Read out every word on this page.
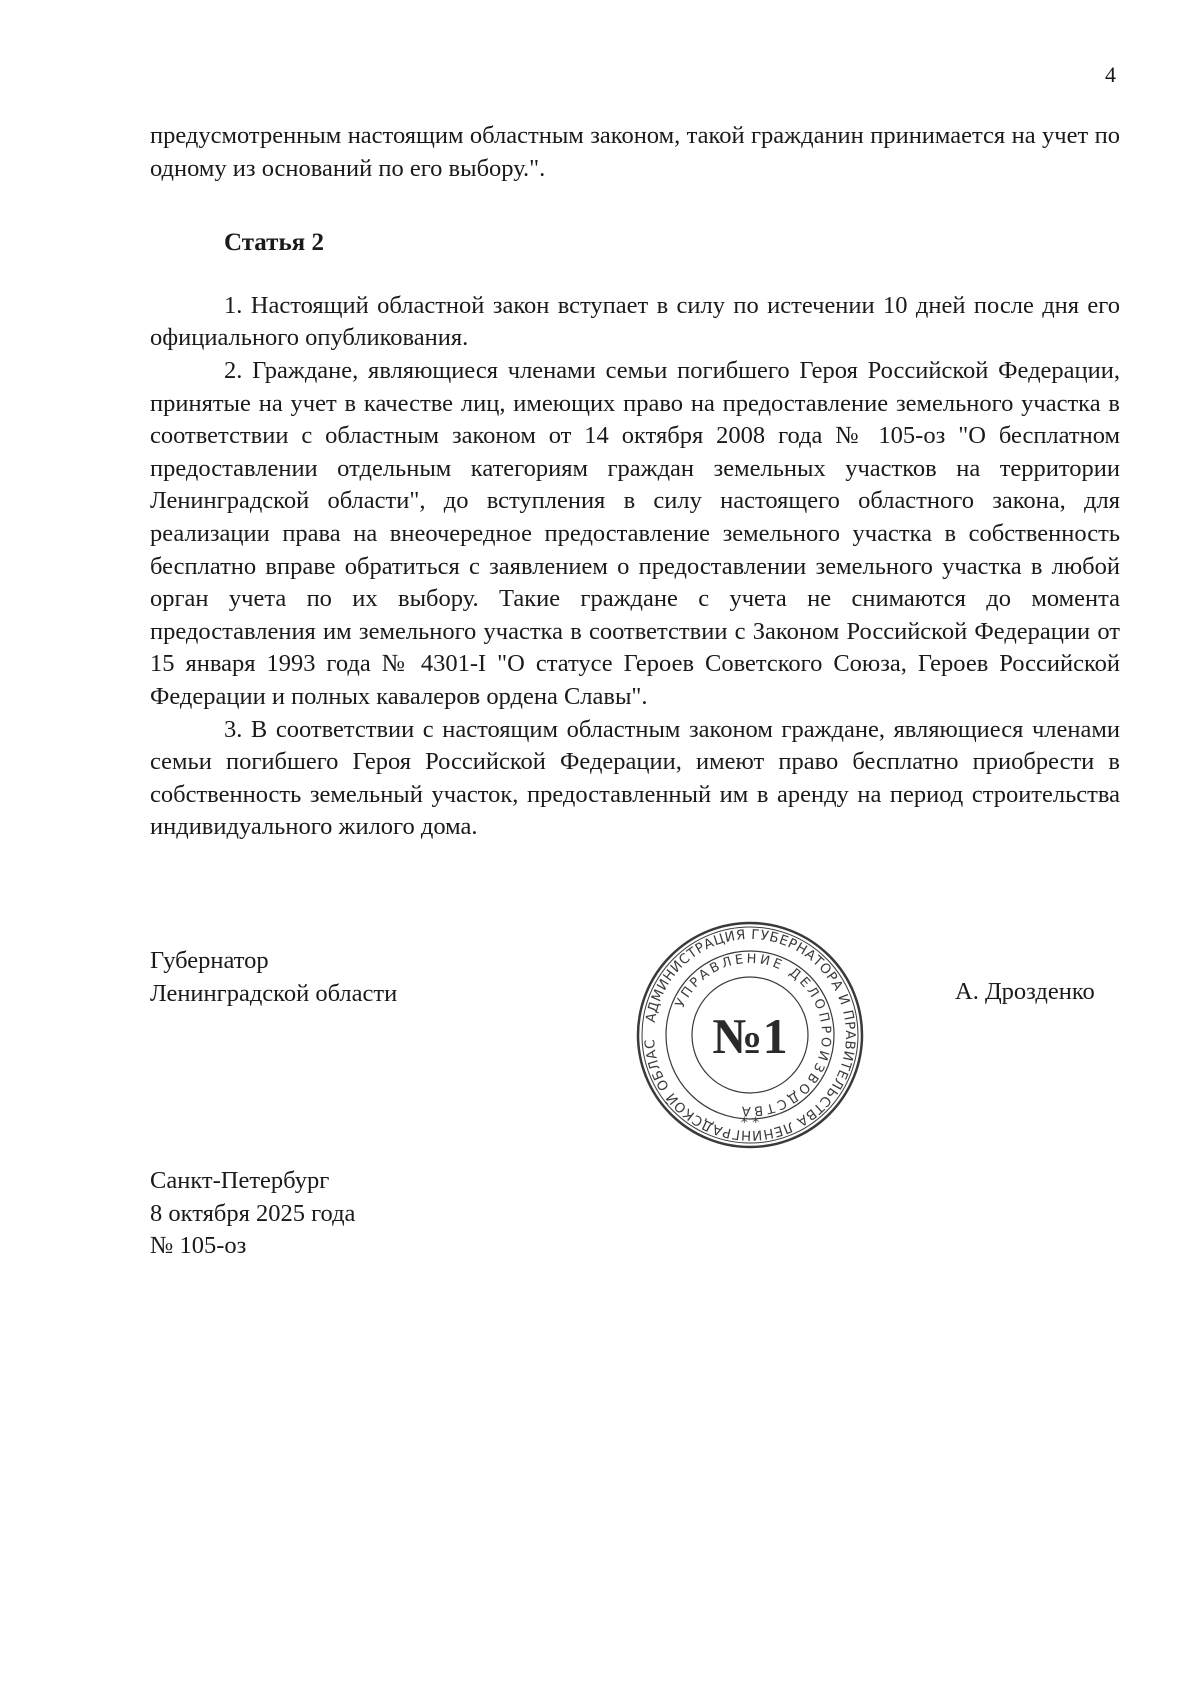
4

предусмотренным настоящим областным законом, такой гражданин принимается на учет по одному из оснований по его выбору.".

Статья 2

1. Настоящий областной закон вступает в силу по истечении 10 дней после дня его официального опубликования.

2. Граждане, являющиеся членами семьи погибшего Героя Российской Федерации, принятые на учет в качестве лиц, имеющих право на предоставление земельного участка в соответствии с областным законом от 14 октября 2008 года № 105-оз "О бесплатном предоставлении отдельным категориям граждан земельных участков на территории Ленинградской области", до вступления в силу настоящего областного закона, для реализации права на внеочередное предоставление земельного участка в собственность бесплатно вправе обратиться с заявлением о предоставлении земельного участка в любой орган учета по их выбору. Такие граждане с учета не снимаются до момента предоставления им земельного участка в соответствии с Законом Российской Федерации от 15 января 1993 года № 4301-I "О статусе Героев Советского Союза, Героев Российской Федерации и полных кавалеров ордена Славы".

3. В соответствии с настоящим областным законом граждане, являющиеся членами семьи погибшего Героя Российской Федерации, имеют право бесплатно приобрести в собственность земельный участок, предоставленный им в аренду на период строительства индивидуального жилого дома.

Губернатор
Ленинградской области
АДМИНИСТРАЦИЯ ГУБЕРНАТОРА И ПРАВИТЕЛЬСТВА ЛЕНИНГРАДСКОЙ ОБЛАС
УПРАВЛЕНИЕ ДЕЛОПРОИЗВОДСТВА
№1
* *
А. Дрозденко
Санкт-Петербург
8 октября 2025 года
№ 105-оз
